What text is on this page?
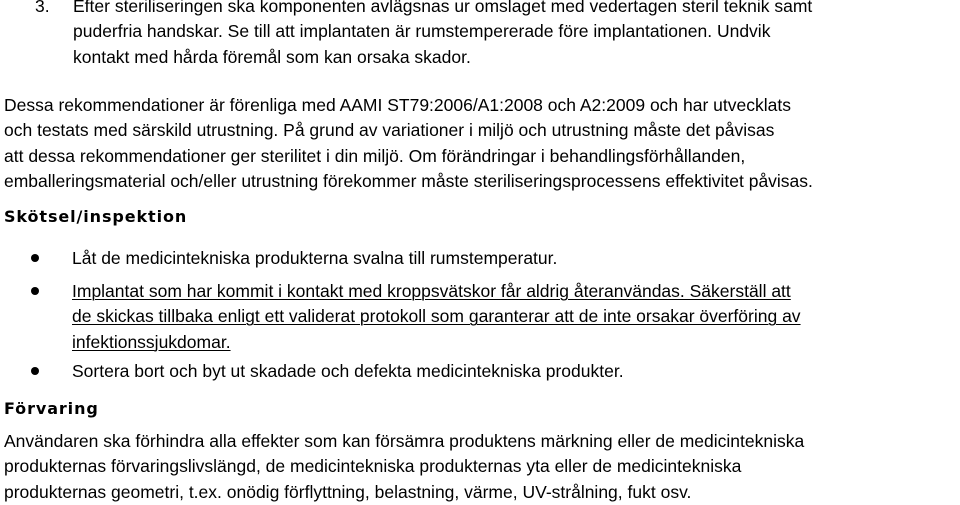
3. Efter steriliseringen ska komponenten avlägsnas ur omslaget med vedertagen steril teknik samt
puderfria handskar. Se till att implantaten är rumstempererade före implantationen. Undvik
kontakt med hårda föremål som kan orsaka skador.
Dessa rekommendationer är förenliga med AAMI ST79:2006/A1:2008 och A2:2009 och har utvecklats
och testats med särskild utrustning. På grund av variationer i miljö och utrustning måste det påvisas
att dessa rekommendationer ger sterilitet i din miljö. Om förändringar i behandlingsförhållanden,
emballeringsmaterial och/eller utrustning förekommer måste steriliseringsprocessens effektivitet påvisas.
Skötsel/inspektion
Låt de medicintekniska produkterna svalna till rumstemperatur.
Implantat som har kommit i kontakt med kroppsvätskor får aldrig återanvändas. Säkerställ att
de skickas tillbaka enligt ett validerat protokoll som garanterar att de inte orsakar överföring av
infektionssjukdomar.
Sortera bort och byt ut skadade och defekta medicintekniska produkter.
Förvaring
Användaren ska förhindra alla effekter som kan försämra produktens märkning eller de medicintekniska
produkternas förvaringslivslängd, de medicintekniska produkternas yta eller de medicintekniska
produkternas geometri, t.ex. onödig förflyttning, belastning, värme, UV-strålning, fukt osv.
